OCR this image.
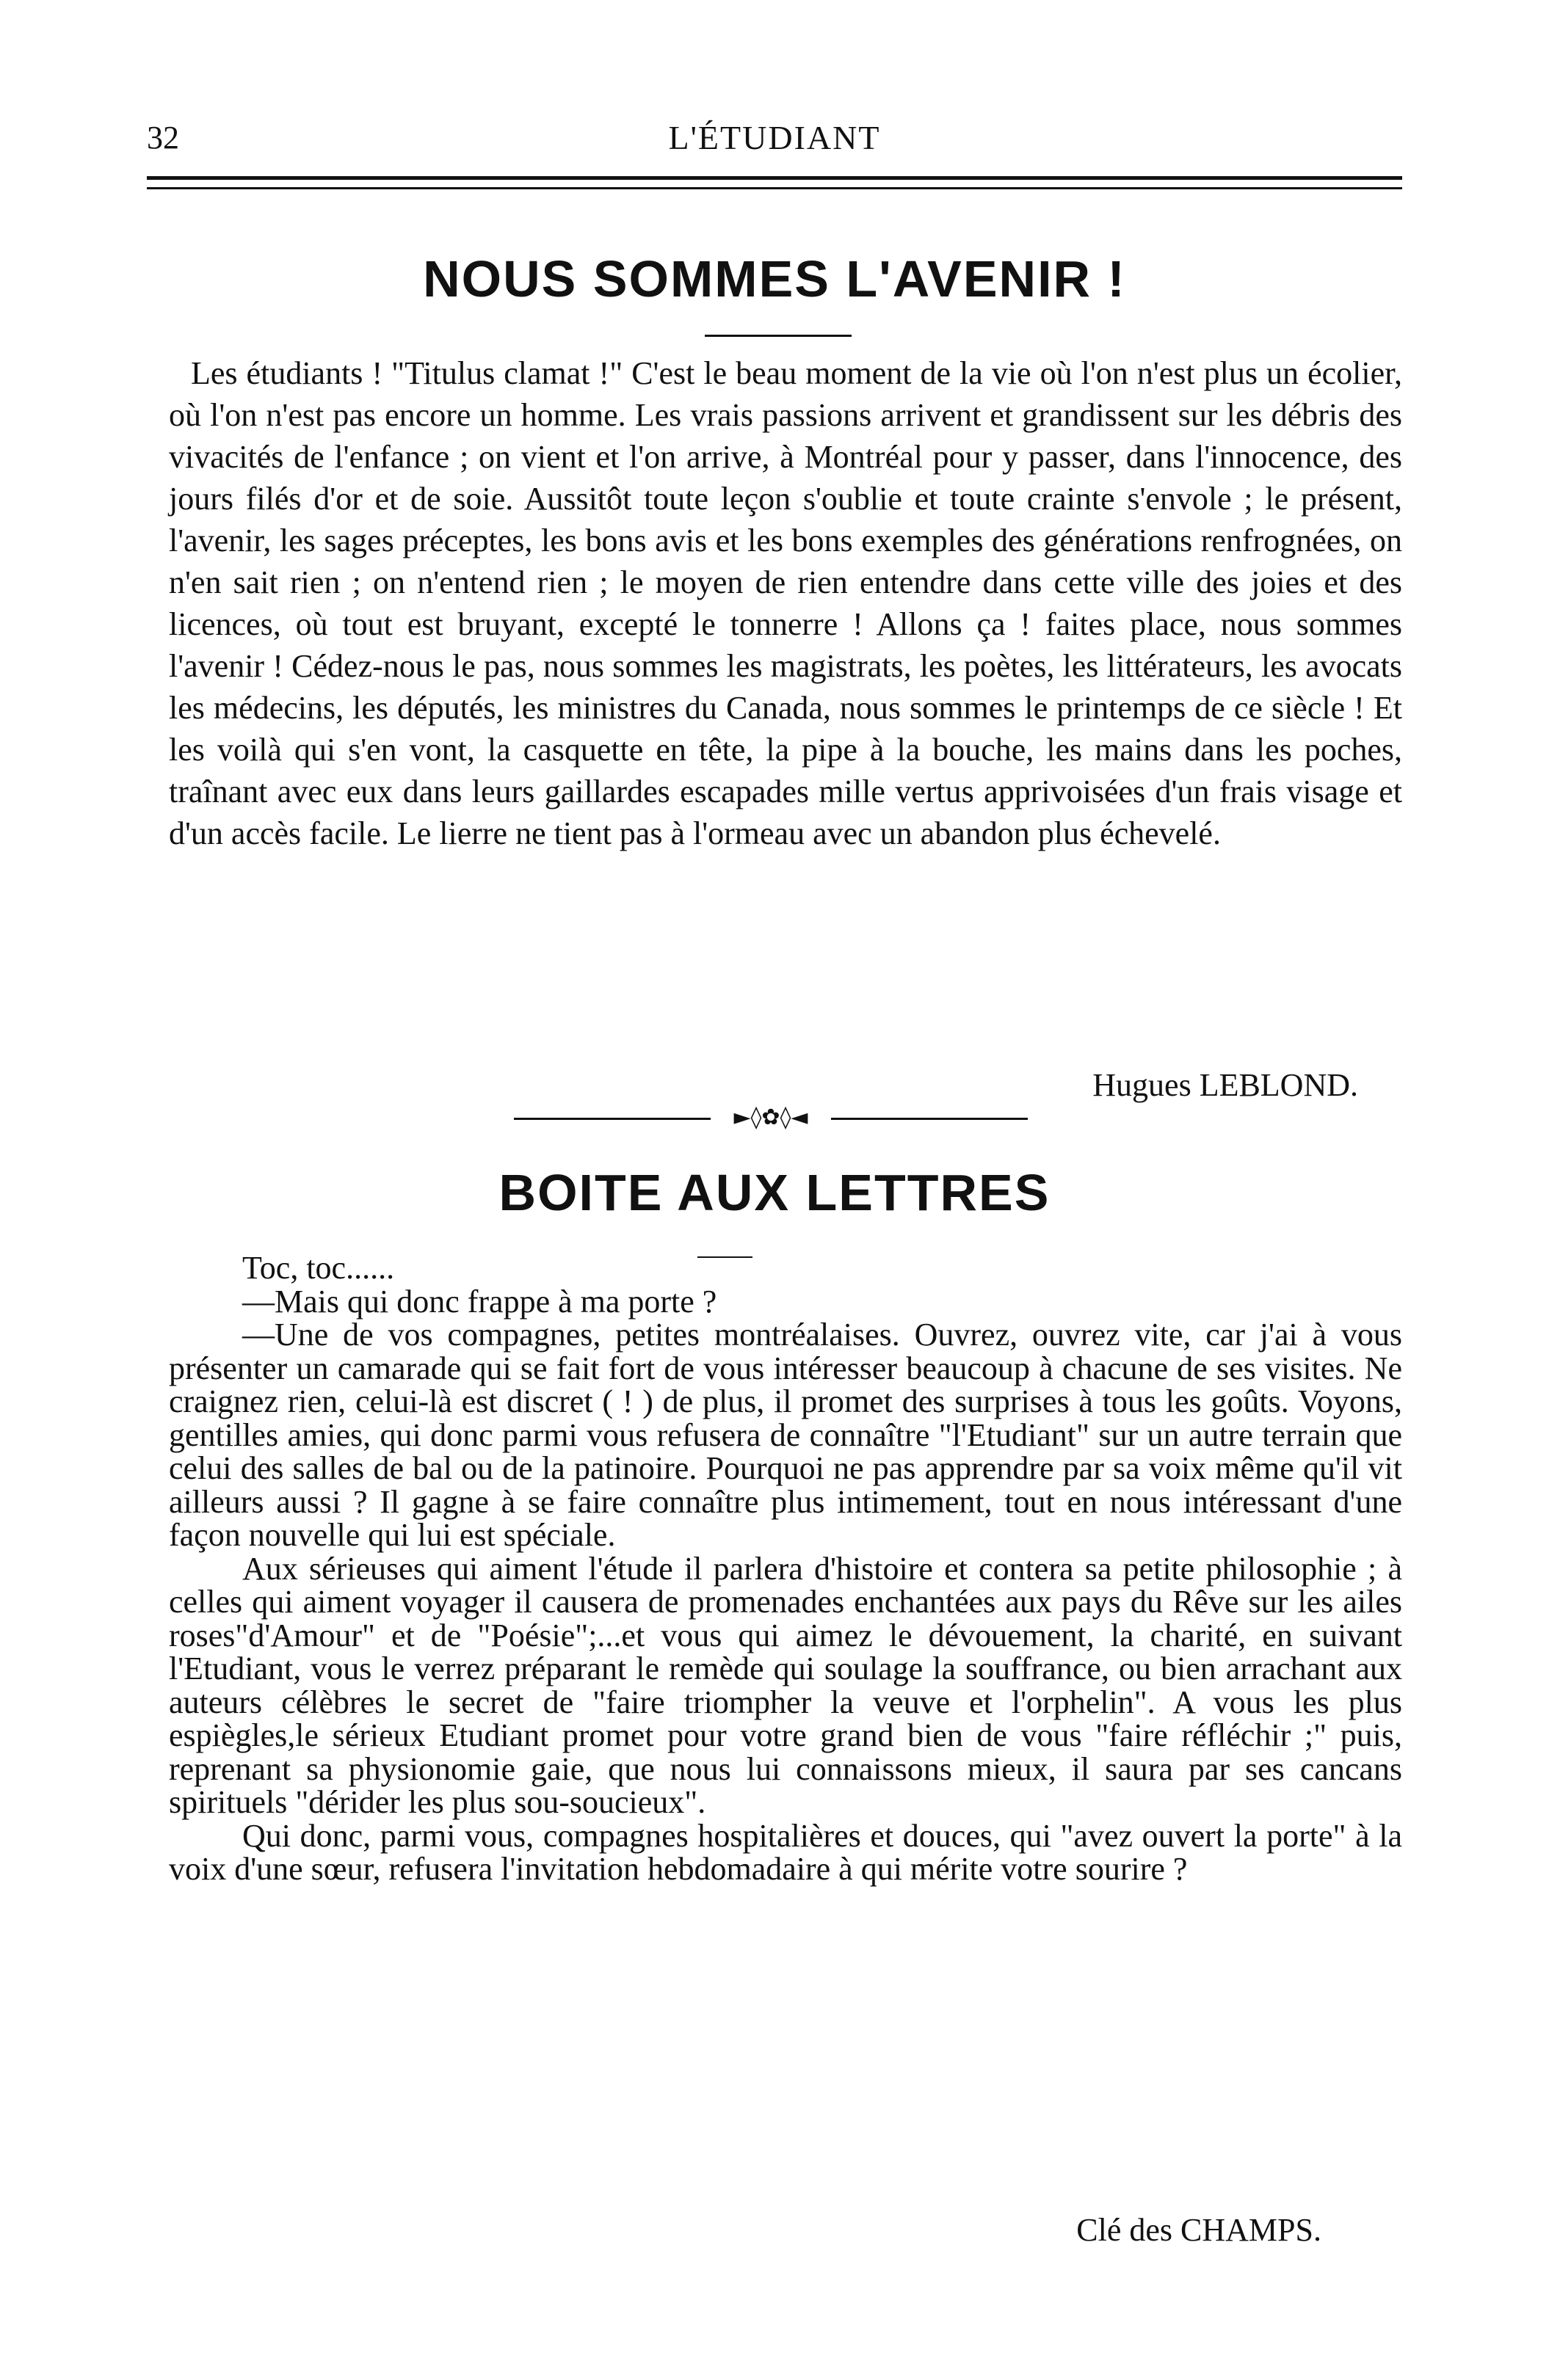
32	L'ÉTUDIANT
NOUS SOMMES L'AVENIR !

Les étudiants ! "Titulus clamat !" C'est le beau moment de la vie où l'on n'est plus un écolier, où l'on n'est pas encore un homme. Les vrais passions arrivent et grandissent sur les débris des vivacités de l'enfance ; on vient et l'on arrive, à Montréal pour y passer, dans l'innocence, des jours filés d'or et de soie. Aussitôt toute leçon s'oublie et toute crainte s'envole ; le présent, l'avenir, les sages préceptes, les bons avis et les bons exemples des générations renfrognées, on n'en sait rien ; on n'entend rien ; le moyen de rien entendre dans cette ville des joies et des licences, où tout est bruyant, excepté le tonnerre ! Allons ça ! faites place, nous sommes l'avenir ! Cédez-nous le pas, nous sommes les magistrats, les poètes, les littérateurs, les avocats les médecins, les députés, les ministres du Canada, nous sommes le printemps de ce siècle ! Et les voilà qui s'en vont, la casquette en tête, la pipe à la bouche, les mains dans les poches, traînant avec eux dans leurs gaillardes escapades mille vertus apprivoisées d'un frais visage et d'un accès facile. Le lierre ne tient pas à l'ormeau avec un abandon plus échevelé.

Hugues LEBLOND.
►◊✿◊◄
BOITE AUX LETTRES

Toc, toc......

—Mais qui donc frappe à ma porte ?

—Une de vos compagnes, petites montréalaises. Ouvrez, ouvrez vite, car j'ai à vous présenter un camarade qui se fait fort de vous intéresser beaucoup à chacune de ses visites. Ne craignez rien, celui-là est discret ( ! ) de plus, il promet des surprises à tous les goûts. Voyons, gentilles amies, qui donc parmi vous refusera de connaître "l'Etudiant" sur un autre terrain que celui des salles de bal ou de la patinoire. Pourquoi ne pas apprendre par sa voix même qu'il vit ailleurs aussi ? Il gagne à se faire connaître plus intimement, tout en nous intéressant d'une façon nouvelle qui lui est spéciale.

Aux sérieuses qui aiment l'étude il parlera d'histoire et contera sa petite philosophie ; à celles qui aiment voyager il causera de promenades enchantées aux pays du Rêve sur les ailes roses"d'Amour" et de "Poésie";...et vous qui aimez le dévouement, la charité, en suivant l'Etudiant, vous le verrez préparant le remède qui soulage la souffrance, ou bien arrachant aux auteurs célèbres le secret de "faire triompher la veuve et l'orphelin". A vous les plus espiègles,le sérieux Etudiant promet pour votre grand bien de vous "faire réfléchir ;" puis, reprenant sa physionomie gaie, que nous lui connaissons mieux, il saura par ses cancans spirituels "dérider les plus sou-soucieux".

Qui donc, parmi vous, compagnes hospitalières et douces, qui "avez ouvert la porte" à la voix d'une sœur, refusera l'invitation hebdomadaire à qui mérite votre sourire ?

Clé des CHAMPS.
